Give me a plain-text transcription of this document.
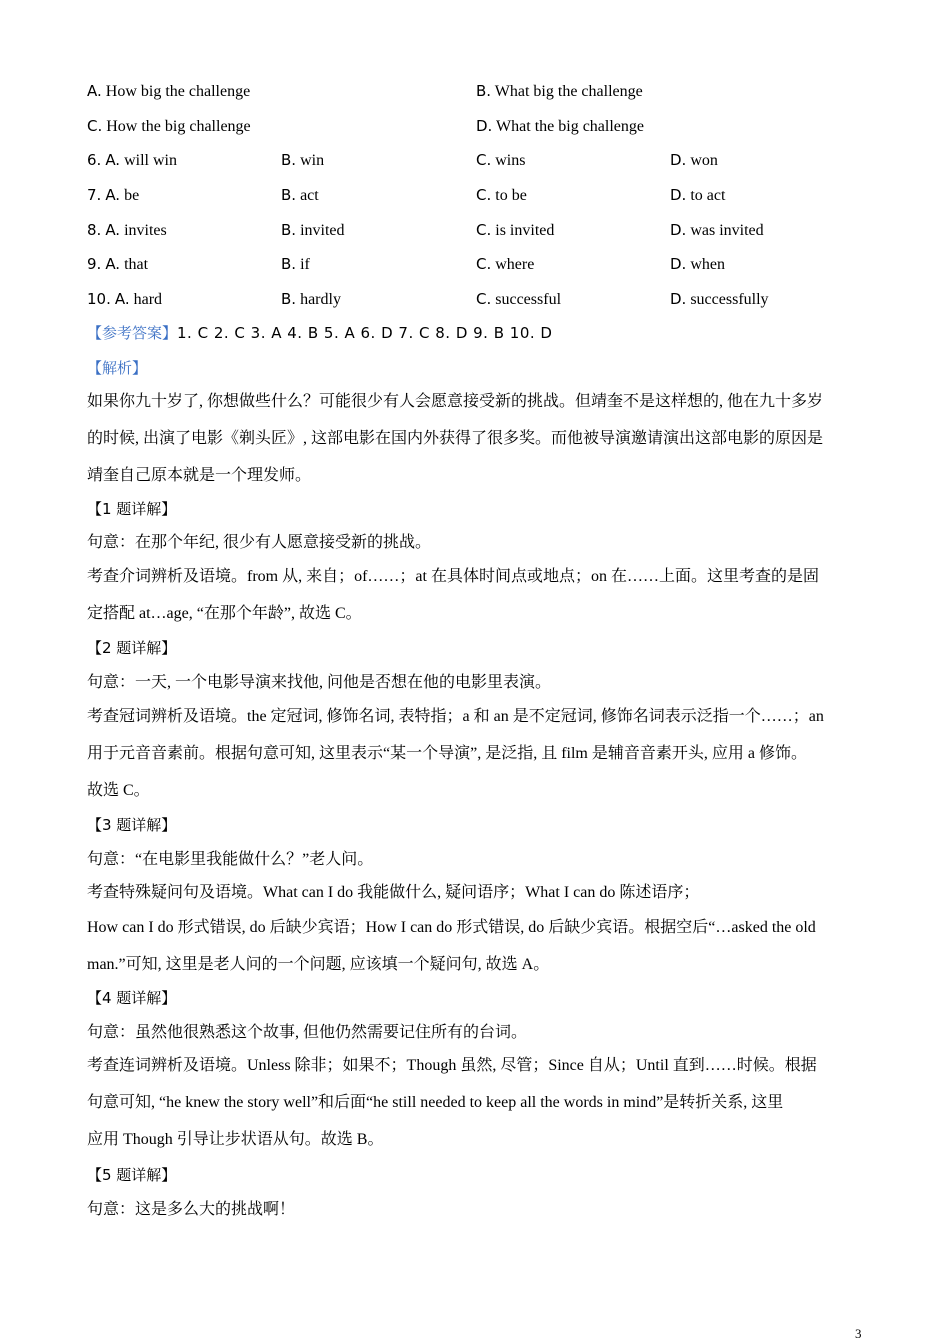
A. How big the challenge	B. What big the challenge
C. How the big challenge	D. What the big challenge
6. A. will win	B. win	C. wins	D. won
7. A. be	B. act	C. to be	D. to act
8. A. invites	B. invited	C. is invited	D. was invited
9. A. that	B. if	C. where	D. when
10. A. hard	B. hardly	C. successful	D. successfully
【参考答案】1. C 2. C 3. A 4. B 5. A 6. D 7. C 8. D 9. B 10. D
【解析】
如果你九十岁了, 你想做些什么？可能很少有人会愿意接受新的挑战。但靖奎不是这样想的, 他在九十多岁
的时候, 出演了电影《剃头匠》, 这部电影在国内外获得了很多奖。而他被导演邀请演出这部电影的原因是
靖奎自己原本就是一个理发师。
【1 题详解】
句意：在那个年纪, 很少有人愿意接受新的挑战。
考查介词辨析及语境。from 从, 来自；of……；at 在具体时间点或地点；on 在……上面。这里考查的是固
定搭配 at…age, “在那个年龄”, 故选 C。
【2 题详解】
句意：一天, 一个电影导演来找他, 问他是否想在他的电影里表演。
考查冠词辨析及语境。the 定冠词, 修饰名词, 表特指；a 和 an 是不定冠词, 修饰名词表示泛指一个……；an
用于元音音素前。根据句意可知, 这里表示“某一个导演”, 是泛指, 且 film 是辅音音素开头, 应用 a 修饰。
故选 C。
【3 题详解】
句意：“在电影里我能做什么？”老人问。
考查特殊疑问句及语境。What can I do 我能做什么, 疑问语序；What I can do 陈述语序；
How can I do 形式错误, do 后缺少宾语；How I can do 形式错误, do 后缺少宾语。根据空后“…asked the old
man.”可知, 这里是老人问的一个问题, 应该填一个疑问句, 故选 A。
【4 题详解】
句意：虽然他很熟悉这个故事, 但他仍然需要记住所有的台词。
考查连词辨析及语境。Unless 除非；如果不；Though 虽然, 尽管；Since 自从；Until 直到……时候。根据
句意可知, “he knew the story well”和后面“he still needed to keep all the words in mind”是转折关系, 这里
应用 Though 引导让步状语从句。故选 B。
【5 题详解】
句意：这是多么大的挑战啊！
3
